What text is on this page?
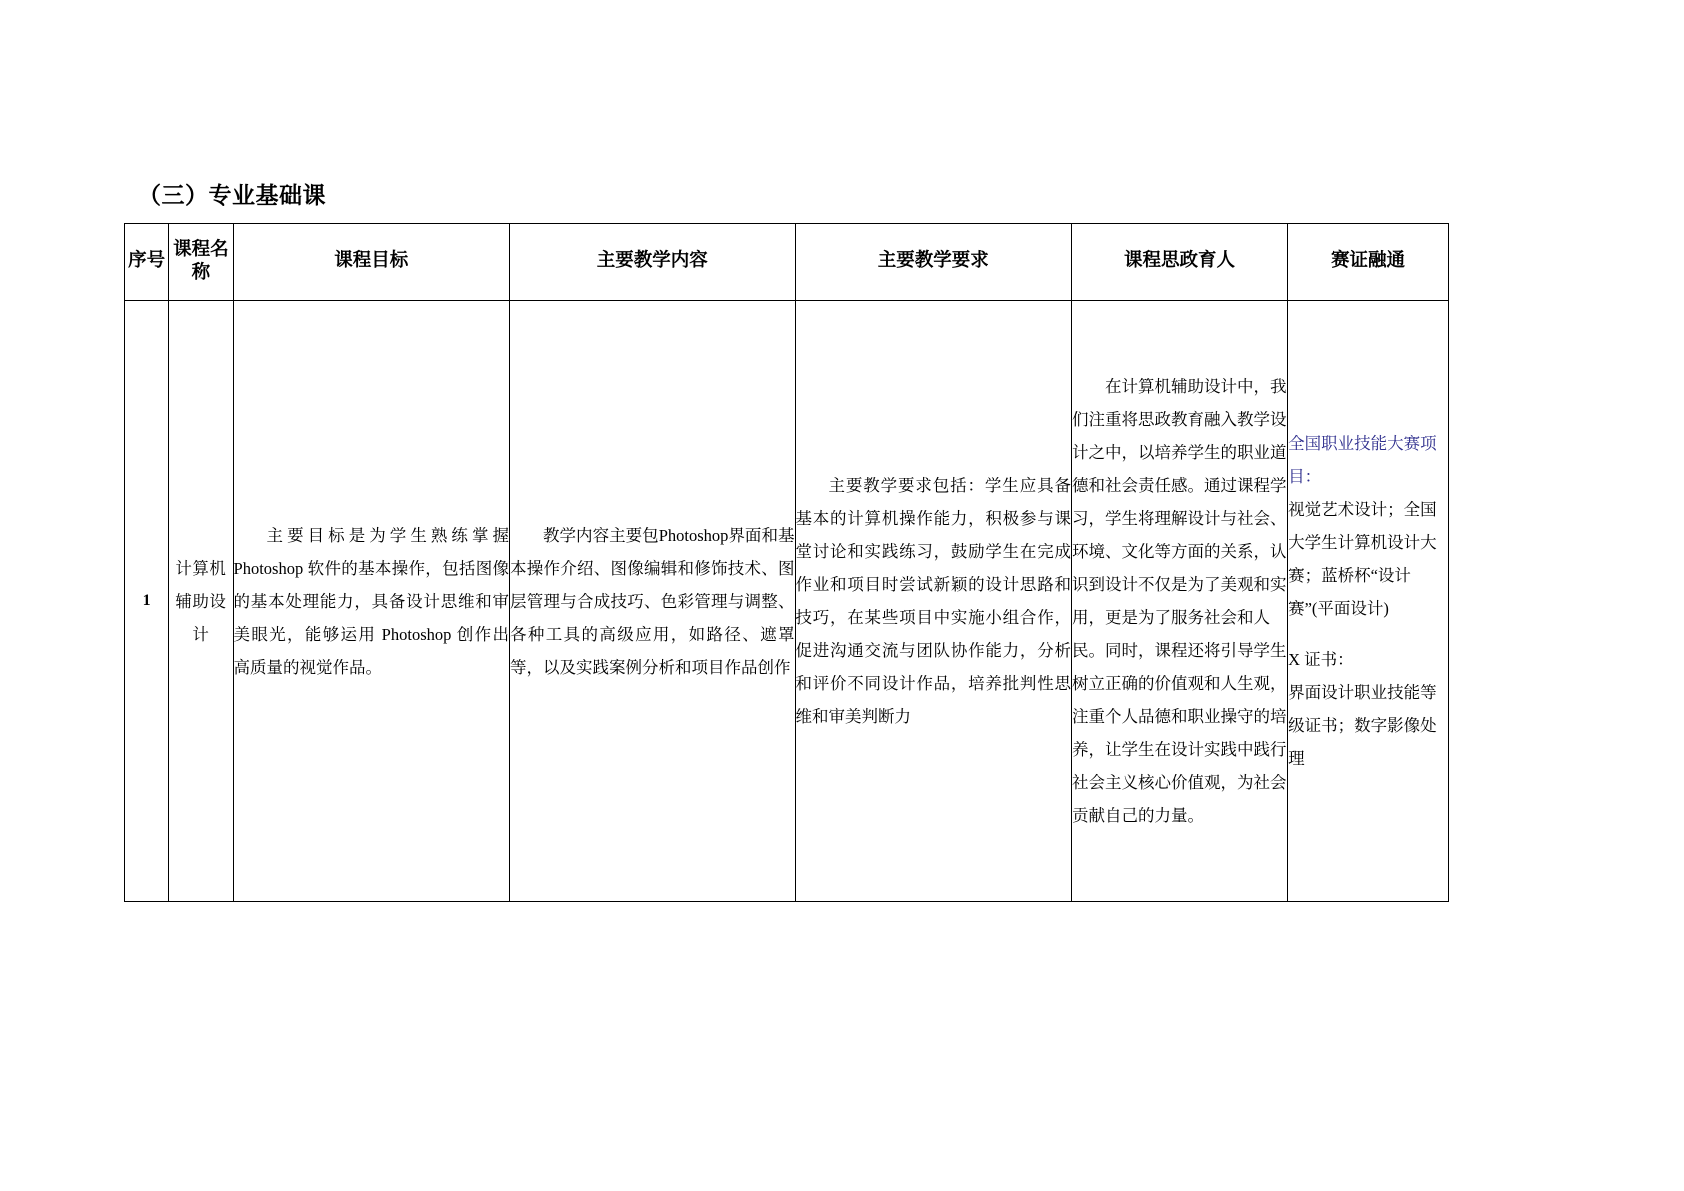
（三）专业基础课
序号	课程名称	课程目标	主要教学内容	主要教学要求	课程思政育人	赛证融通
1	计算机辅助设计	主要目标是为学生熟练掌握 Photoshop 软件的基本操作，包括图像的基本处理能力，具备设计思维和审美眼光，能够运用 Photoshop 创作出高质量的视觉作品。	教学内容主要包Photoshop界面和基本操作介绍、图像编辑和修饰技术、图层管理与合成技巧、色彩管理与调整、各种工具的高级应用，如路径、遮罩等，以及实践案例分析和项目作品创作	主要教学要求包括：学生应具备基本的计算机操作能力，积极参与课堂讨论和实践练习，鼓励学生在完成作业和项目时尝试新颖的设计思路和技巧，在某些项目中实施小组合作，促进沟通交流与团队协作能力，分析和评价不同设计作品，培养批判性思维和审美判断力	在计算机辅助设计中，我们注重将思政教育融入教学设计之中，以培养学生的职业道德和社会责任感。通过课程学习，学生将理解设计与社会、环境、文化等方面的关系，认识到设计不仅是为了美观和实用，更是为了服务社会和人民。同时，课程还将引导学生树立正确的价值观和人生观，注重个人品德和职业操守的培养，让学生在设计实践中践行社会主义核心价值观，为社会贡献自己的力量。	全国职业技能大赛项目：

视觉艺术设计；全国大学生计算机设计大赛；蓝桥杯“设计赛”(平面设计)

X 证书：

界面设计职业技能等级证书；数字影像处理
